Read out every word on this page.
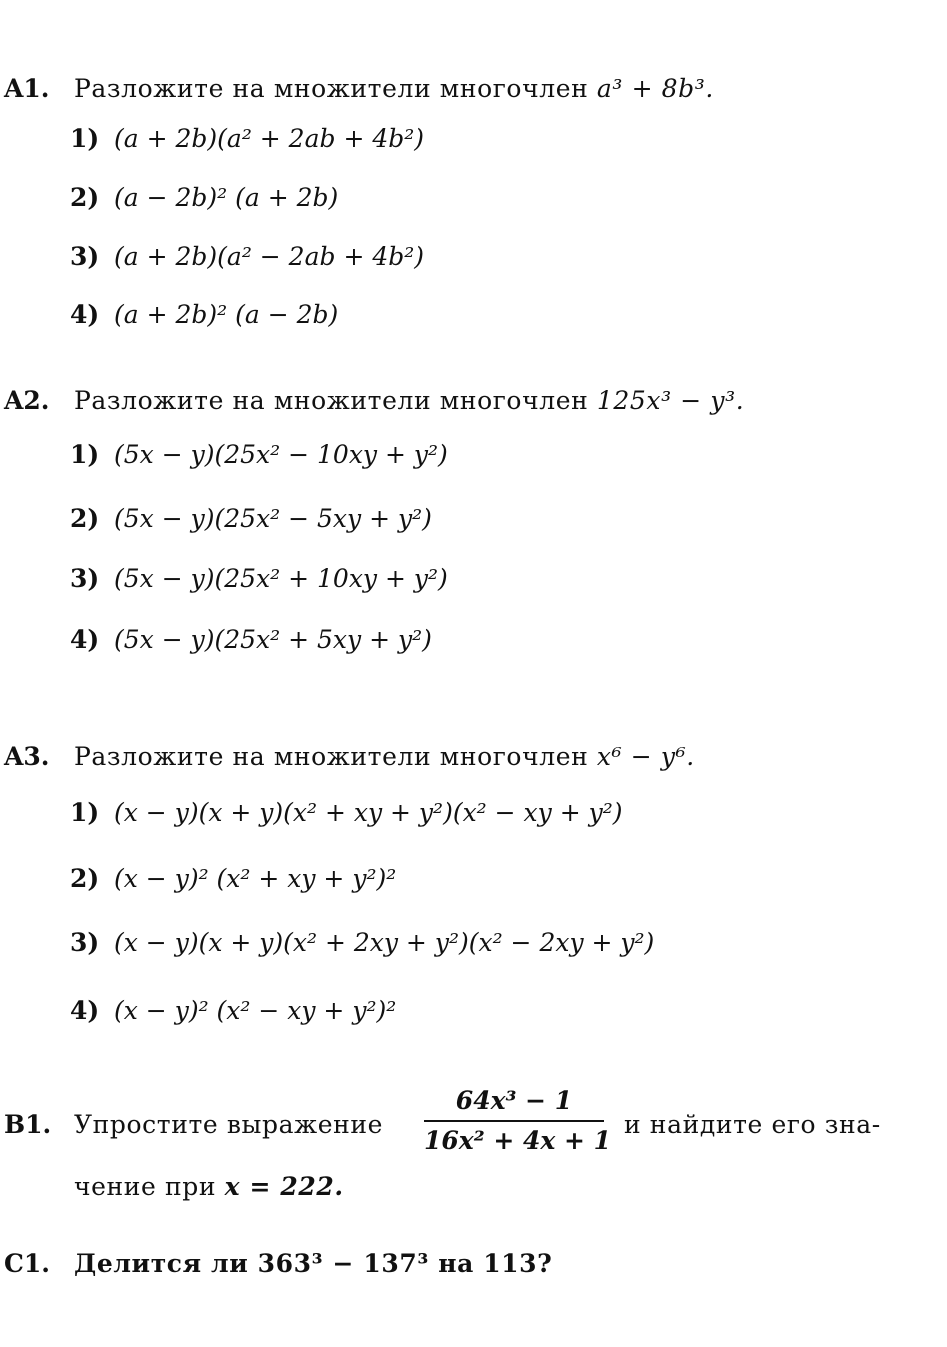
A1. Разложите на множители многочлен a³ + 8b³.
1) (a + 2b)(a² + 2ab + 4b²)
2) (a − 2b)² (a + 2b)
3) (a + 2b)(a² − 2ab + 4b²)
4) (a + 2b)² (a − 2b)
A2. Разложите на множители многочлен 125x³ − y³.
1) (5x − y)(25x² − 10xy + y²)
2) (5x − y)(25x² − 5xy + y²)
3) (5x − y)(25x² + 10xy + y²)
4) (5x − y)(25x² + 5xy + y²)
A3. Разложите на множители многочлен x⁶ − y⁶.
1) (x − y)(x + y)(x² + xy + y²)(x² − xy + y²)
2) (x − y)² (x² + xy + y²)²
3) (x − y)(x + y)(x² + 2xy + y²)(x² − 2xy + y²)
4) (x − y)² (x² − xy + y²)²
B1. Упростите выражение
64x³ − 1
16x² + 4x + 1
и найдите его зна-
чение при x = 222.
C1. Делится ли 363³ − 137³ на 113?
